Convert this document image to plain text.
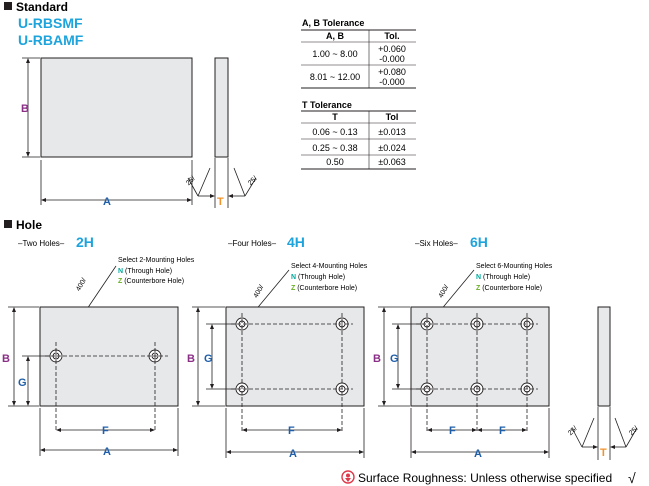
Standard
U-RBSMF
U-RBAMF
B
A
25/	25/
T
A, B Tolerance
A, B	Tol.
1.00 ~ 8.00 +0.060
-0.000
8.01 ~ 12.00 +0.080
-0.000
T Tolerance
T	Tol
0.06 ~ 0.13 ±0.013
0.25 ~ 0.38 ±0.024
0.50	±0.063
Hole
–Two Holes– 2H
Select 2-Mounting Holes
N (Through Hole)
Z (Counterbore Hole)
400/
B
G
F
A
–Four Holes– 4H
Select 4-Mounting Holes
N (Through Hole)
Z (Counterbore Hole)
400/
B G
F
A
–Six Holes– 6H
Select 6-Mounting Holes
N (Through Hole)
Z (Counterbore Hole)
400/
B G
F	F
A
25/	25/
T
Surface Roughness: Unless otherwise specified √
